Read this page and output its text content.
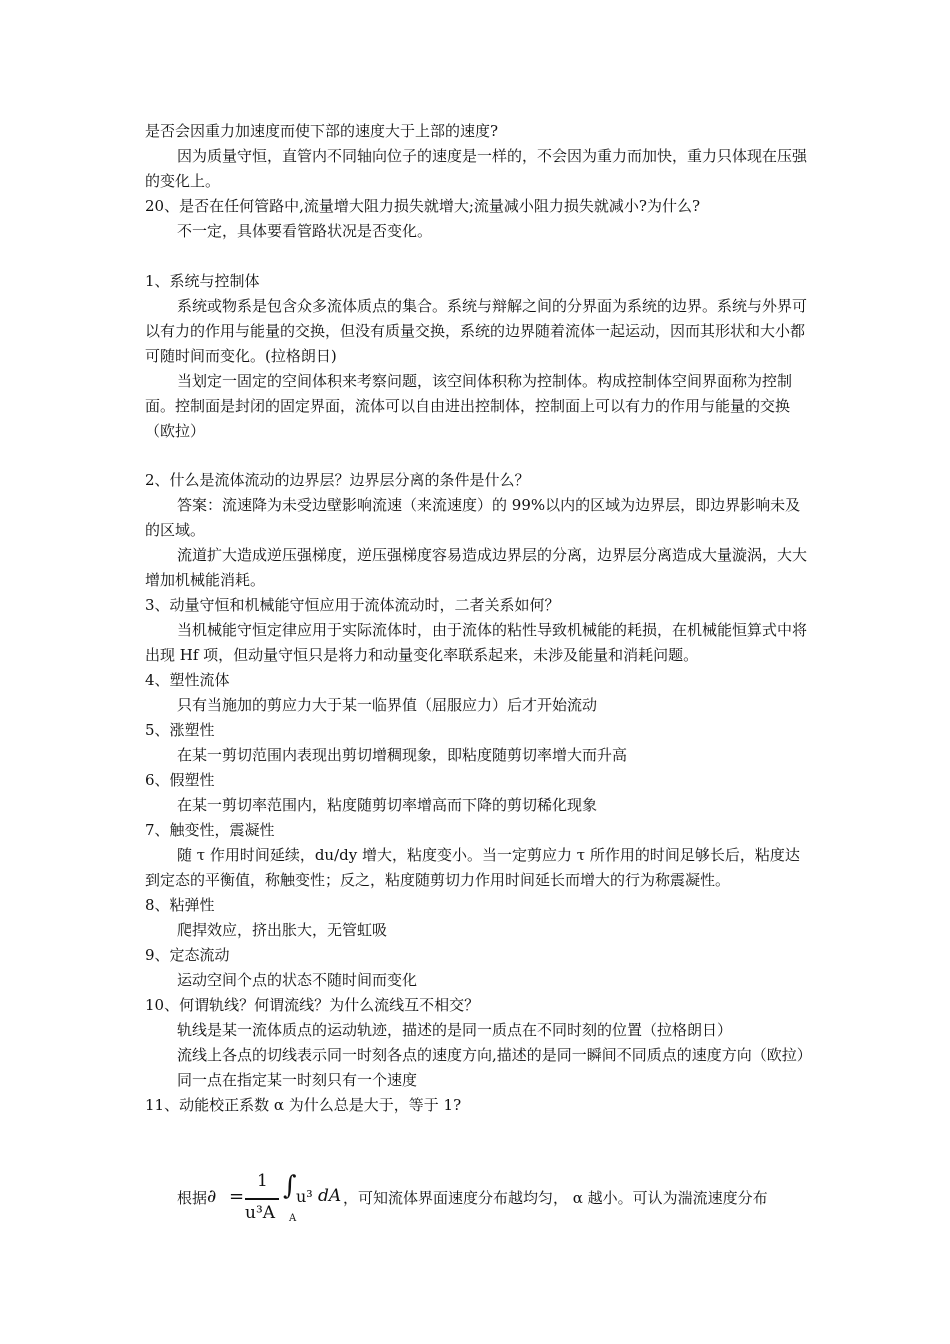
是否会因重力加速度而使下部的速度大于上部的速度?

因为质量守恒，直管内不同轴向位子的速度是一样的，不会因为重力而加快，重力只体现在压强的变化上。

20、是否在任何管路中,流量增大阻力损失就增大;流量减小阻力损失就减小?为什么?

不一定，具体要看管路状况是否变化。

1、系统与控制体

系统或物系是包含众多流体质点的集合。系统与辩解之间的分界面为系统的边界。系统与外界可以有力的作用与能量的交换，但没有质量交换，系统的边界随着流体一起运动，因而其形状和大小都可随时间而变化。(拉格朗日)

当划定一固定的空间体积来考察问题，该空间体积称为控制体。构成控制体空间界面称为控制面。控制面是封闭的固定界面，流体可以自由进出控制体，控制面上可以有力的作用与能量的交换（欧拉）

2、什么是流体流动的边界层？边界层分离的条件是什么？

答案：流速降为未受边壁影响流速（来流速度）的 99%以内的区域为边界层，即边界影响未及的区域。

流道扩大造成逆压强梯度，逆压强梯度容易造成边界层的分离，边界层分离造成大量漩涡，大大增加机械能消耗。

3、动量守恒和机械能守恒应用于流体流动时，二者关系如何？

当机械能守恒定律应用于实际流体时，由于流体的粘性导致机械能的耗损，在机械能恒算式中将出现 Hf 项，但动量守恒只是将力和动量变化率联系起来，未涉及能量和消耗问题。

4、塑性流体

只有当施加的剪应力大于某一临界值（屈服应力）后才开始流动

5、涨塑性

在某一剪切范围内表现出剪切增稠现象，即粘度随剪切率增大而升高

6、假塑性

在某一剪切率范围内，粘度随剪切率增高而下降的剪切稀化现象

7、触变性，震凝性

随 τ 作用时间延续，du/dy 增大，粘度变小。当一定剪应力 τ 所作用的时间足够长后，粘度达到定态的平衡值，称触变性；反之，粘度随剪切力作用时间延长而增大的行为称震凝性。

8、粘弹性

爬捍效应，挤出胀大，无管虹吸

9、定态流动

运动空间个点的状态不随时间而变化

10、何谓轨线？何谓流线？为什么流线互不相交？

轨线是某一流体质点的运动轨迹，描述的是同一质点在不同时刻的位置（拉格朗日）

流线上各点的切线表示同一时刻各点的速度方向,描述的是同一瞬间不同质点的速度方向（欧拉）

同一点在指定某一时刻只有一个速度

11、动能校正系数 α 为什么总是大于，等于 1?

根据 ∂ =
1
u³A
∫
A
u³ dA ，可知流体界面速度分布越均匀， α 越小。可认为湍流速度分布
